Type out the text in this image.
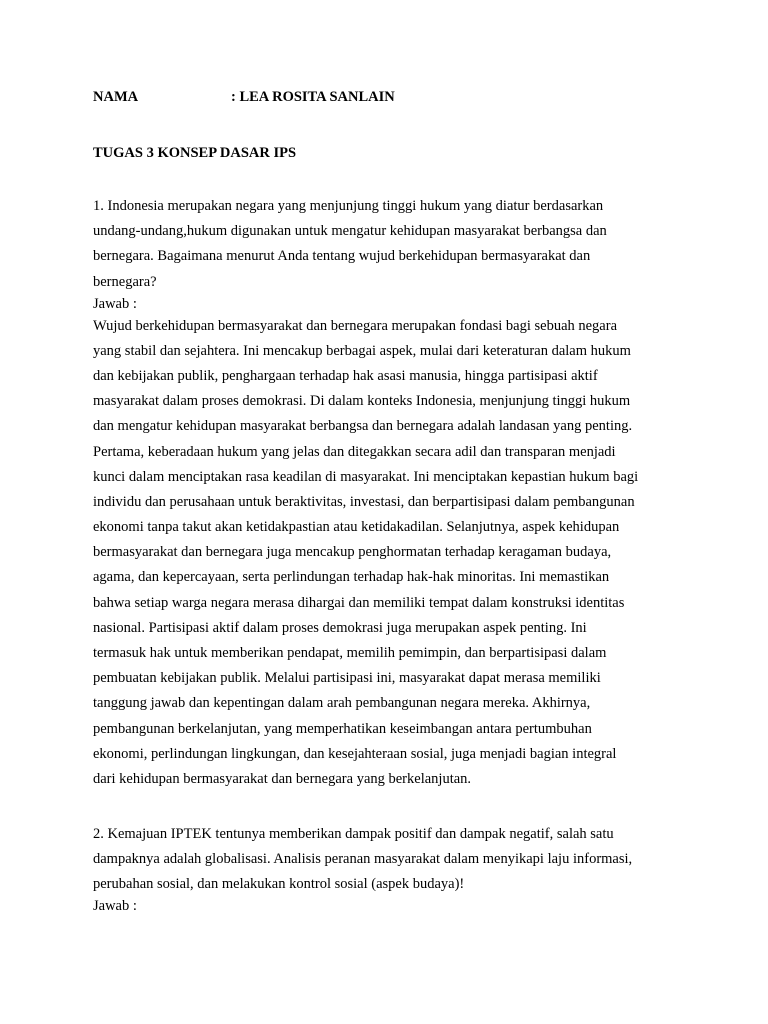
NAMA	: LEA ROSITA SANLAIN
TUGAS 3 KONSEP DASAR IPS
1. Indonesia merupakan negara yang menjunjung tinggi hukum yang diatur berdasarkan
undang-undang,hukum digunakan untuk mengatur kehidupan masyarakat berbangsa dan
bernegara. Bagaimana menurut Anda tentang wujud berkehidupan bermasyarakat dan
bernegara?
Jawab :
Wujud berkehidupan bermasyarakat dan bernegara merupakan fondasi bagi sebuah negara
yang stabil dan sejahtera. Ini mencakup berbagai aspek, mulai dari keteraturan dalam hukum
dan kebijakan publik, penghargaan terhadap hak asasi manusia, hingga partisipasi aktif
masyarakat dalam proses demokrasi. Di dalam konteks Indonesia, menjunjung tinggi hukum
dan mengatur kehidupan masyarakat berbangsa dan bernegara adalah landasan yang penting.
Pertama, keberadaan hukum yang jelas dan ditegakkan secara adil dan transparan menjadi
kunci dalam menciptakan rasa keadilan di masyarakat. Ini menciptakan kepastian hukum bagi
individu dan perusahaan untuk beraktivitas, investasi, dan berpartisipasi dalam pembangunan
ekonomi tanpa takut akan ketidakpastian atau ketidakadilan. Selanjutnya, aspek kehidupan
bermasyarakat dan bernegara juga mencakup penghormatan terhadap keragaman budaya,
agama, dan kepercayaan, serta perlindungan terhadap hak-hak minoritas. Ini memastikan
bahwa setiap warga negara merasa dihargai dan memiliki tempat dalam konstruksi identitas
nasional. Partisipasi aktif dalam proses demokrasi juga merupakan aspek penting. Ini
termasuk hak untuk memberikan pendapat, memilih pemimpin, dan berpartisipasi dalam
pembuatan kebijakan publik. Melalui partisipasi ini, masyarakat dapat merasa memiliki
tanggung jawab dan kepentingan dalam arah pembangunan negara mereka. Akhirnya,
pembangunan berkelanjutan, yang memperhatikan keseimbangan antara pertumbuhan
ekonomi, perlindungan lingkungan, dan kesejahteraan sosial, juga menjadi bagian integral
dari kehidupan bermasyarakat dan bernegara yang berkelanjutan.
2. Kemajuan IPTEK tentunya memberikan dampak positif dan dampak negatif, salah satu
dampaknya adalah globalisasi. Analisis peranan masyarakat dalam menyikapi laju informasi,
perubahan sosial, dan melakukan kontrol sosial (aspek budaya)!
Jawab :
